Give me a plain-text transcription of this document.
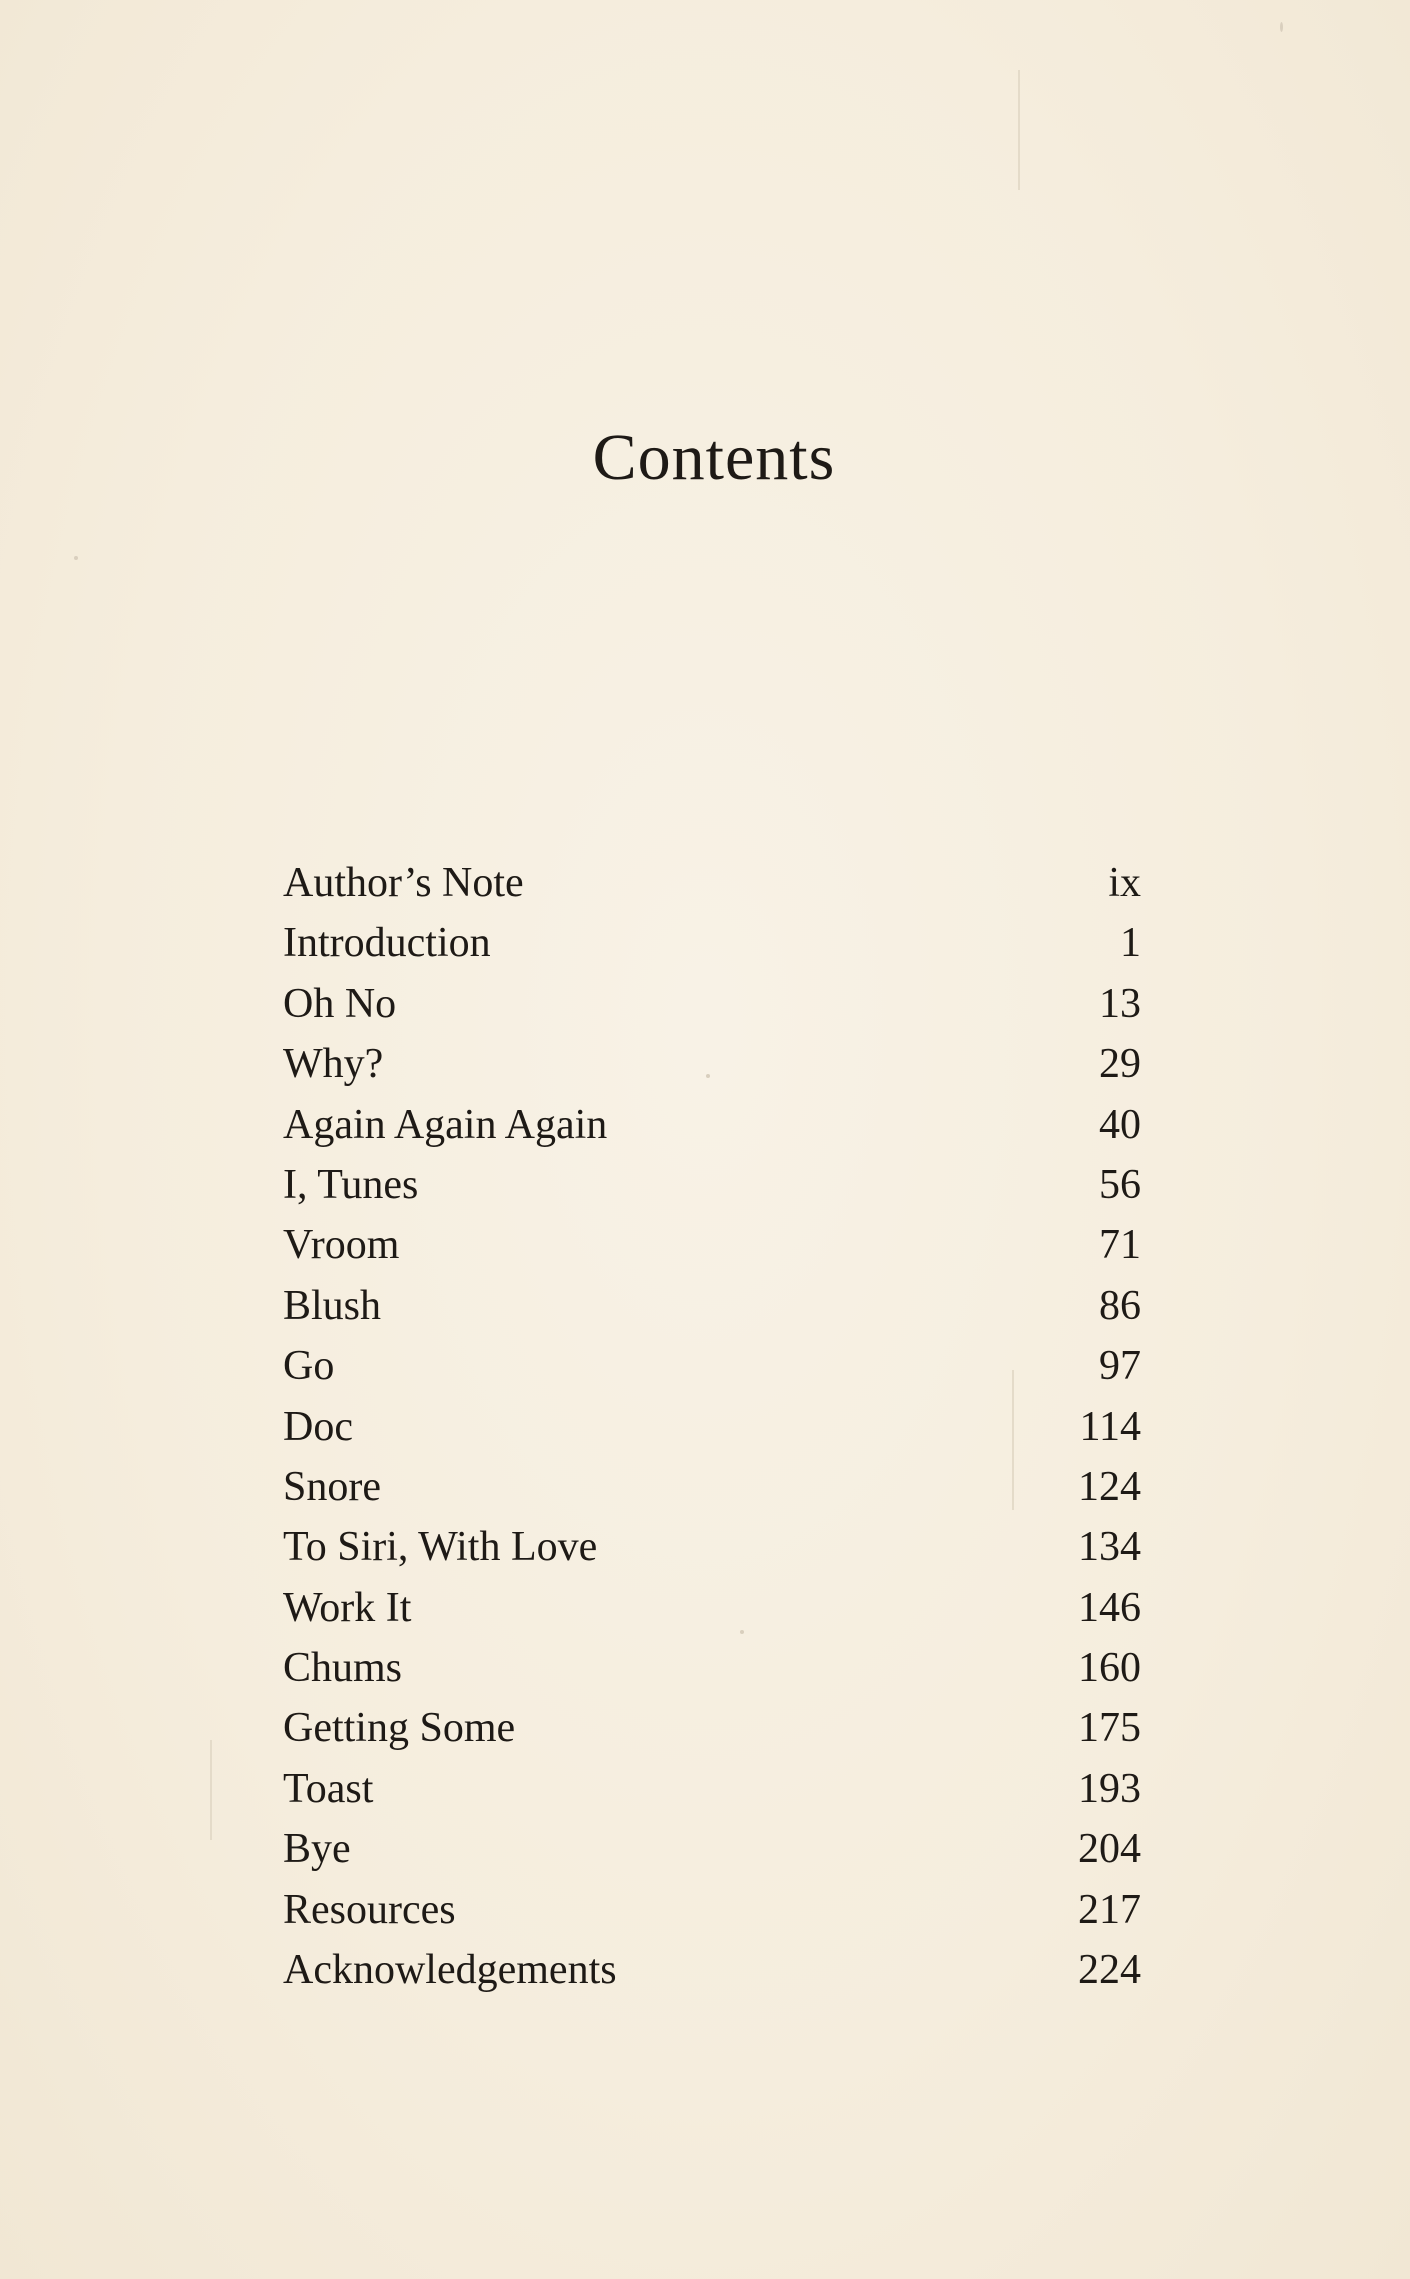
Contents
Author’s Note	ix
Introduction	1
Oh No	13
Why?	29
Again Again Again	40
I, Tunes	56
Vroom	71
Blush	86
Go	97
Doc	114
Snore	124
To Siri, With Love	134
Work It	146
Chums	160
Getting Some	175
Toast	193
Bye	204
Resources	217
Acknowledgements	224
